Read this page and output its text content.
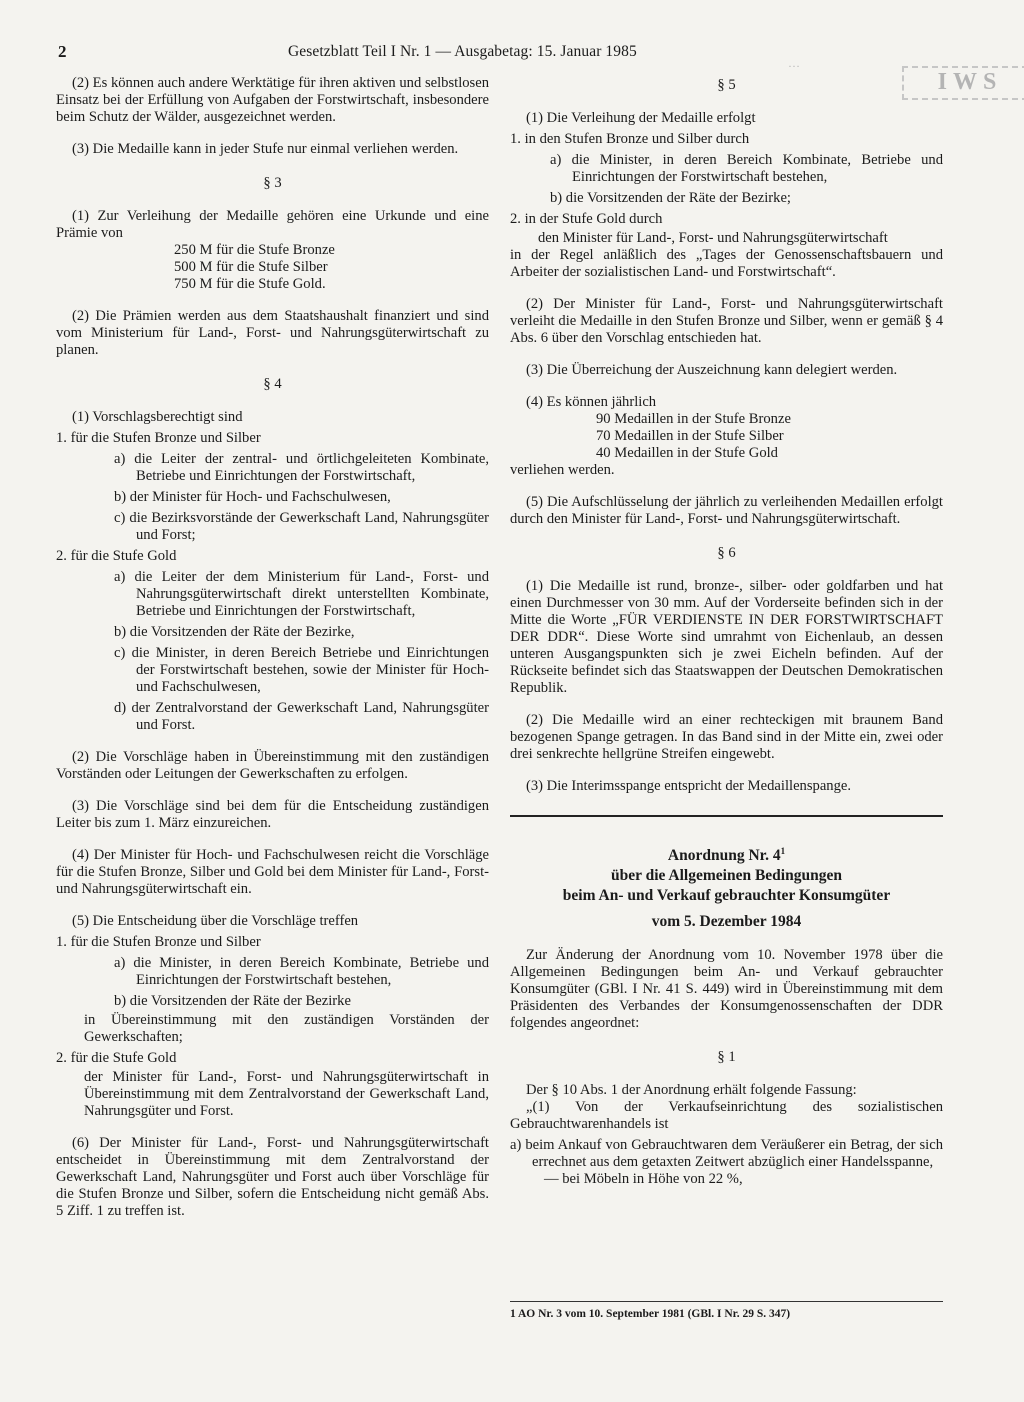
2	Gesetzblatt Teil I Nr. 1 — Ausgabetag: 15. Januar 1985
…
IWS

(2) Es können auch andere Werktätige für ihren aktiven und selbstlosen Einsatz bei der Erfüllung von Aufgaben der Forstwirtschaft, insbesondere beim Schutz der Wälder, ausgezeichnet werden.

(3) Die Medaille kann in jeder Stufe nur einmal verliehen werden.

§ 3

(1) Zur Verleihung der Medaille gehören eine Urkunde und eine Prämie von

250 M für die Stufe Bronze
500 M für die Stufe Silber
750 M für die Stufe Gold.

(2) Die Prämien werden aus dem Staatshaushalt finanziert und sind vom Ministerium für Land-, Forst- und Nahrungsgüterwirtschaft zu planen.

§ 4

(1) Vorschlagsberechtigt sind

1. für die Stufen Bronze und Silber

a) die Leiter der zentral- und örtlichgeleiteten Kombinate, Betriebe und Einrichtungen der Forstwirtschaft,

b) der Minister für Hoch- und Fachschulwesen,

c) die Bezirksvorstände der Gewerkschaft Land, Nahrungsgüter und Forst;

2. für die Stufe Gold

a) die Leiter der dem Ministerium für Land-, Forst- und Nahrungsgüterwirtschaft direkt unterstellten Kombinate, Betriebe und Einrichtungen der Forstwirtschaft,

b) die Vorsitzenden der Räte der Bezirke,

c) die Minister, in deren Bereich Betriebe und Einrichtungen der Forstwirtschaft bestehen, sowie der Minister für Hoch- und Fachschulwesen,

d) der Zentralvorstand der Gewerkschaft Land, Nahrungsgüter und Forst.

(2) Die Vorschläge haben in Übereinstimmung mit den zuständigen Vorständen oder Leitungen der Gewerkschaften zu erfolgen.

(3) Die Vorschläge sind bei dem für die Entscheidung zuständigen Leiter bis zum 1. März einzureichen.

(4) Der Minister für Hoch- und Fachschulwesen reicht die Vorschläge für die Stufen Bronze, Silber und Gold bei dem Minister für Land-, Forst- und Nahrungsgüterwirtschaft ein.

(5) Die Entscheidung über die Vorschläge treffen

1. für die Stufen Bronze und Silber

a) die Minister, in deren Bereich Kombinate, Betriebe und Einrichtungen der Forstwirtschaft bestehen,

b) die Vorsitzenden der Räte der Bezirke

in Übereinstimmung mit den zuständigen Vorständen der Gewerkschaften;

2. für die Stufe Gold

der Minister für Land-, Forst- und Nahrungsgüterwirtschaft in Übereinstimmung mit dem Zentralvorstand der Gewerkschaft Land, Nahrungsgüter und Forst.

(6) Der Minister für Land-, Forst- und Nahrungsgüterwirtschaft entscheidet in Übereinstimmung mit dem Zentralvorstand der Gewerkschaft Land, Nahrungsgüter und Forst auch über Vorschläge für die Stufen Bronze und Silber, sofern die Entscheidung nicht gemäß Abs. 5 Ziff. 1 zu treffen ist.

§ 5

(1) Die Verleihung der Medaille erfolgt

1. in den Stufen Bronze und Silber durch

a) die Minister, in deren Bereich Kombinate, Betriebe und Einrichtungen der Forstwirtschaft bestehen,

b) die Vorsitzenden der Räte der Bezirke;

2. in der Stufe Gold durch

den Minister für Land-, Forst- und Nahrungsgüterwirtschaft

in der Regel anläßlich des „Tages der Genossenschaftsbauern und Arbeiter der sozialistischen Land- und Forstwirtschaft“.

(2) Der Minister für Land-, Forst- und Nahrungsgüterwirtschaft verleiht die Medaille in den Stufen Bronze und Silber, wenn er gemäß § 4 Abs. 6 über den Vorschlag entschieden hat.

(3) Die Überreichung der Auszeichnung kann delegiert werden.

(4) Es können jährlich

90 Medaillen in der Stufe Bronze
70 Medaillen in der Stufe Silber
40 Medaillen in der Stufe Gold

verliehen werden.

(5) Die Aufschlüsselung der jährlich zu verleihenden Medaillen erfolgt durch den Minister für Land-, Forst- und Nahrungsgüterwirtschaft.

§ 6

(1) Die Medaille ist rund, bronze-, silber- oder goldfarben und hat einen Durchmesser von 30 mm. Auf der Vorderseite befinden sich in der Mitte die Worte „FÜR VERDIENSTE IN DER FORSTWIRTSCHAFT DER DDR“. Diese Worte sind umrahmt von Eichenlaub, an dessen unteren Ausgangspunkten sich je zwei Eicheln befinden. Auf der Rückseite befindet sich das Staatswappen der Deutschen Demokratischen Republik.

(2) Die Medaille wird an einer rechteckigen mit braunem Band bezogenen Spange getragen. In das Band sind in der Mitte ein, zwei oder drei senkrechte hellgrüne Streifen eingewebt.

(3) Die Interimsspange entspricht der Medaillenspange.

Anordnung Nr. $4^1$
über die Allgemeinen Bedingungen
beim An- und Verkauf gebrauchter Konsumgüter
vom 5. Dezember 1984

Zur Änderung der Anordnung vom 10. November 1978 über die Allgemeinen Bedingungen beim An- und Verkauf gebrauchter Konsumgüter (GBl. I Nr. 41 S. 449) wird in Übereinstimmung mit dem Präsidenten des Verbandes der Konsumgenossenschaften der DDR folgendes angeordnet:

§ 1

Der § 10 Abs. 1 der Anordnung erhält folgende Fassung:

„(1) Von der Verkaufseinrichtung des sozialistischen Gebrauchtwarenhandels ist

a) beim Ankauf von Gebrauchtwaren dem Veräußerer ein Betrag, der sich errechnet aus dem getaxten Zeitwert abzüglich einer Handelsspanne,

— bei Möbeln in Höhe von 22 %,

1 AO Nr. 3 vom 10. September 1981 (GBl. I Nr. 29 S. 347)
